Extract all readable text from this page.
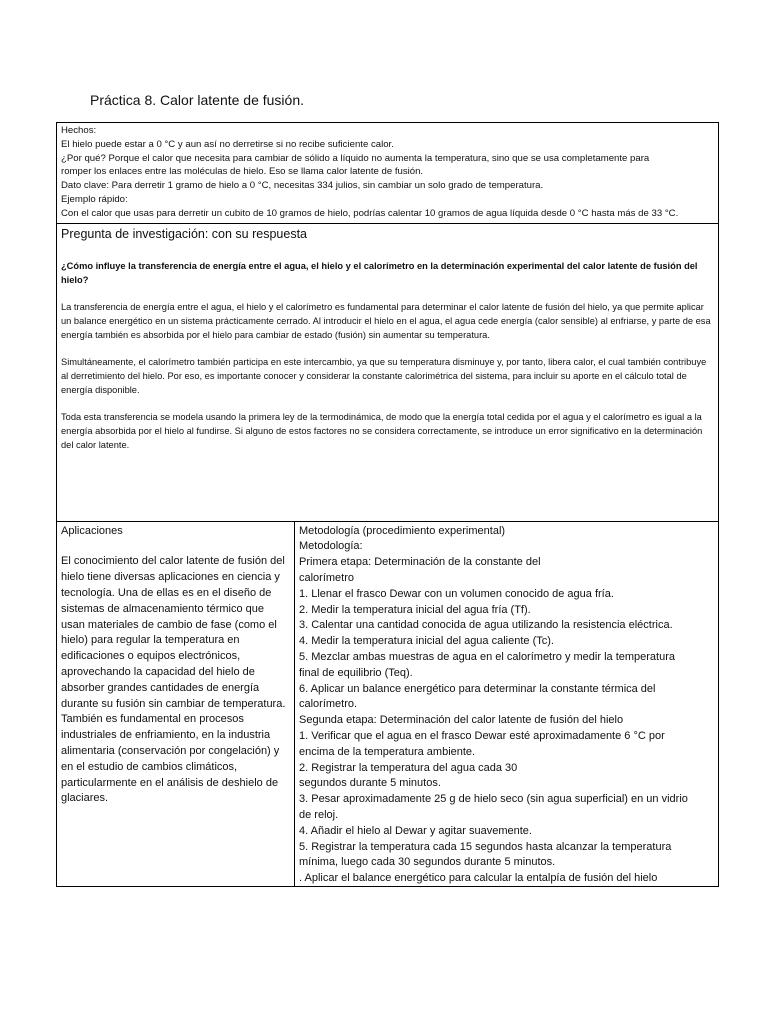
Práctica 8. Calor latente de fusión.
Hechos:
El hielo puede estar a 0 °C y aun así no derretirse si no recibe suficiente calor.
¿Por qué? Porque el calor que necesita para cambiar de sólido a líquido no aumenta la temperatura, sino que se usa completamente para
romper los enlaces entre las moléculas de hielo. Eso se llama calor latente de fusión.
Dato clave: Para derretir 1 gramo de hielo a 0 °C, necesitas 334 julios, sin cambiar un solo grado de temperatura.
Ejemplo rápido:
Con el calor que usas para derretir un cubito de 10 gramos de hielo, podrías calentar 10 gramos de agua líquida desde 0 °C hasta más de 33 °C.
Pregunta de investigación: con su respuesta
¿Cómo influye la transferencia de energía entre el agua, el hielo y el calorímetro en la determinación experimental del calor latente de fusión del hielo?
La transferencia de energía entre el agua, el hielo y el calorímetro es fundamental para determinar el calor latente de fusión del hielo, ya que permite aplicar un balance energético en un sistema prácticamente cerrado. Al introducir el hielo en el agua, el agua cede energía (calor sensible) al enfriarse, y parte de esa energía también es absorbida por el hielo para cambiar de estado (fusión) sin aumentar su temperatura.
Simultáneamente, el calorímetro también participa en este intercambio, ya que su temperatura disminuye y, por tanto, libera calor, el cual también contribuye al derretimiento del hielo. Por eso, es importante conocer y considerar la constante calorimétrica del sistema, para incluir su aporte en el cálculo total de energía disponible.
Toda esta transferencia se modela usando la primera ley de la termodinámica, de modo que la energía total cedida por el agua y el calorímetro es igual a la energía absorbida por el hielo al fundirse. Si alguno de estos factores no se considera correctamente, se introduce un error significativo en la determinación del calor latente.
Aplicaciones
El conocimiento del calor latente de fusión del hielo tiene diversas aplicaciones en ciencia y tecnología. Una de ellas es en el diseño de sistemas de almacenamiento térmico que usan materiales de cambio de fase (como el hielo) para regular la temperatura en edificaciones o equipos electrónicos, aprovechando la capacidad del hielo de absorber grandes cantidades de energía durante su fusión sin cambiar de temperatura. También es fundamental en procesos industriales de enfriamiento, en la industria alimentaria (conservación por congelación) y en el estudio de cambios climáticos, particularmente en el análisis de deshielo de glaciares.
Metodología (procedimiento experimental)
Metodología:
Primera etapa: Determinación de la constante del
calorímetro
1. Llenar el frasco Dewar con un volumen conocido de agua fría.
2. Medir la temperatura inicial del agua fría (Tf).
3. Calentar una cantidad conocida de agua utilizando la resistencia eléctrica.
4. Medir la temperatura inicial del agua caliente (Tc).
5. Mezclar ambas muestras de agua en el calorímetro y medir la temperatura
final de equilibrio (Teq).
6. Aplicar un balance energético para determinar la constante térmica del
calorímetro.
Segunda etapa: Determinación del calor latente de fusión del hielo
1. Verificar que el agua en el frasco Dewar esté aproximadamente 6 °C por
encima de la temperatura ambiente.
2. Registrar la temperatura del agua cada 30
segundos durante 5 minutos.
3. Pesar aproximadamente 25 g de hielo seco (sin agua superficial) en un vidrio
de reloj.
4. Añadir el hielo al Dewar y agitar suavemente.
5. Registrar la temperatura cada 15 segundos hasta alcanzar la temperatura
mínima, luego cada 30 segundos durante 5 minutos.
. Aplicar el balance energético para calcular la entalpía de fusión del hielo
